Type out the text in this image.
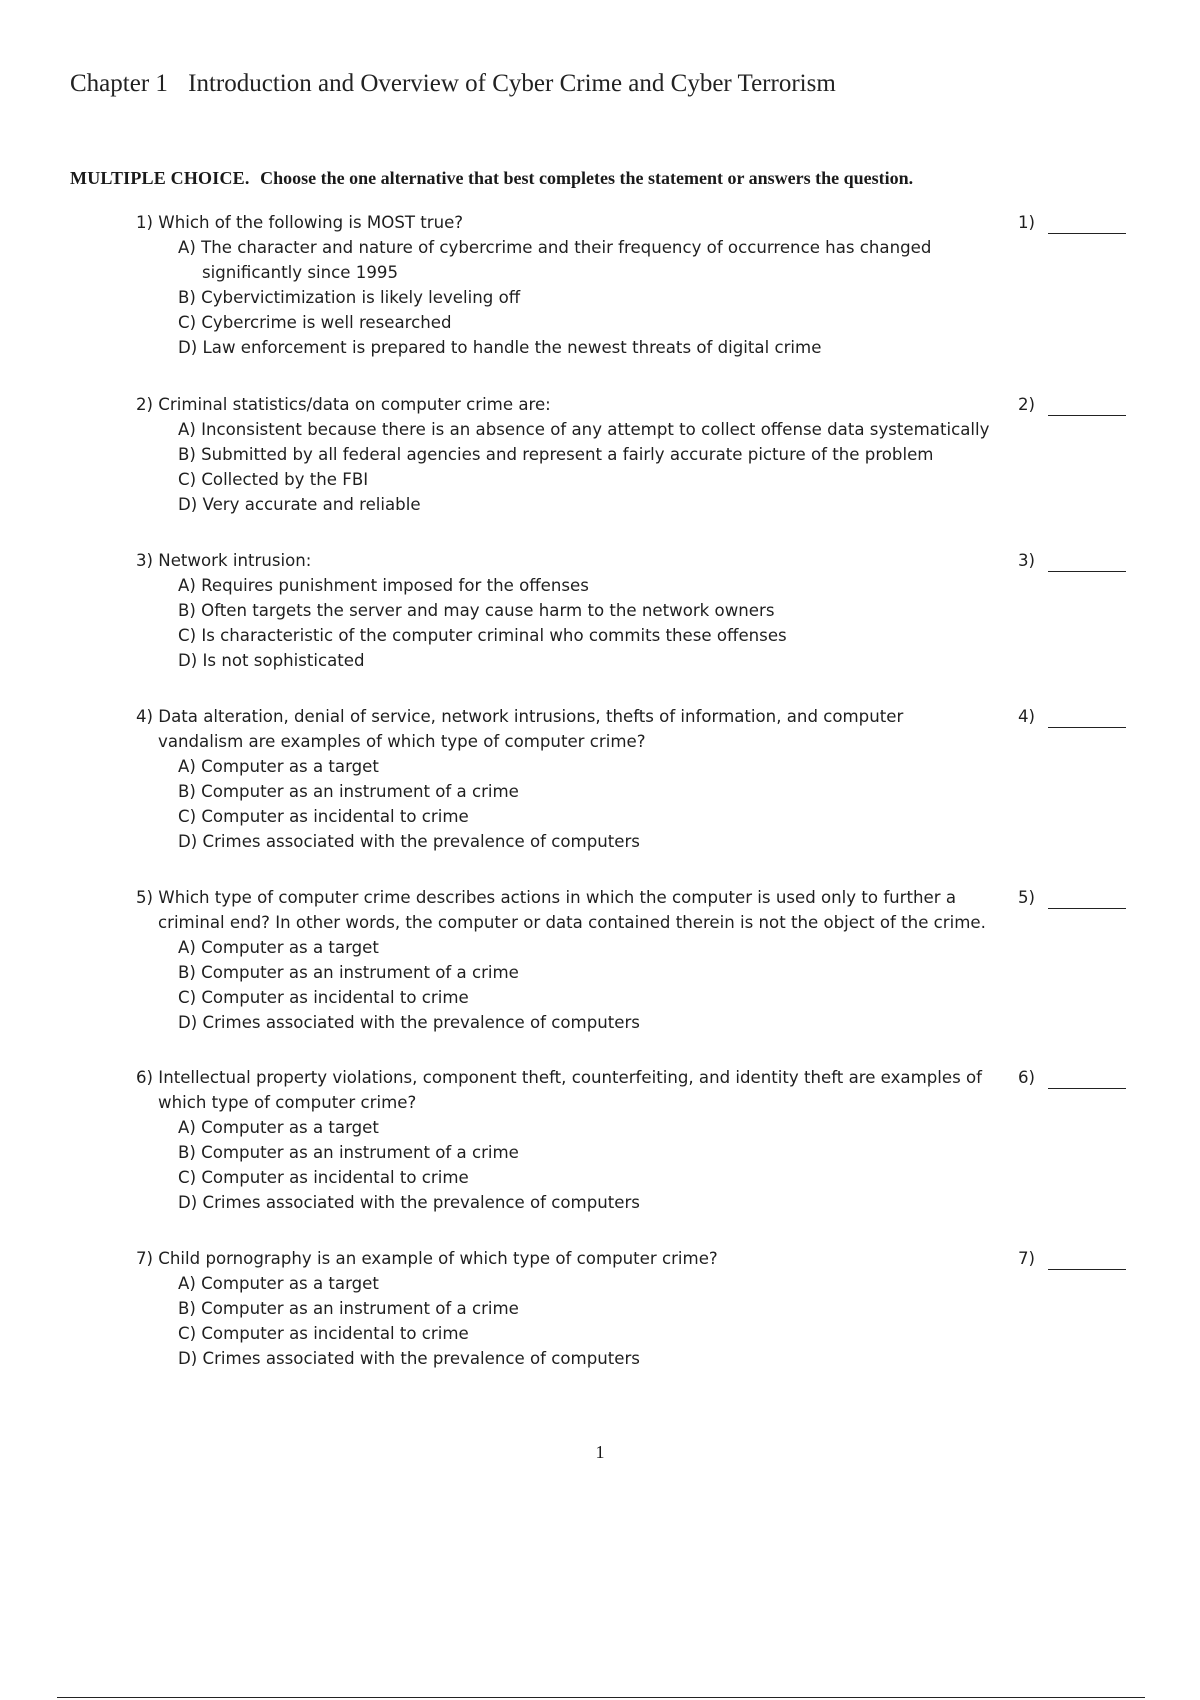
Chapter 1 Introduction and Overview of Cyber Crime and Cyber Terrorism
MULTIPLE CHOICE. Choose the one alternative that best completes the statement or answers the question.
1) Which of the following is MOST true?	1)
A) The character and nature of cybercrime and their frequency of occurrence has changed significantly since 1995
B) Cybervictimization is likely leveling off
C) Cybercrime is well researched
D) Law enforcement is prepared to handle the newest threats of digital crime
2) Criminal statistics/data on computer crime are:	2)
A) Inconsistent because there is an absence of any attempt to collect offense data systematically
B) Submitted by all federal agencies and represent a fairly accurate picture of the problem
C) Collected by the FBI
D) Very accurate and reliable
3) Network intrusion:	3)
A) Requires punishment imposed for the offenses
B) Often targets the server and may cause harm to the network owners
C) Is characteristic of the computer criminal who commits these offenses
D) Is not sophisticated
4) Data alteration, denial of service, network intrusions, thefts of information, and computer vandalism are examples of which type of computer crime?
4)
A) Computer as a target
B) Computer as an instrument of a crime
C) Computer as incidental to crime
D) Crimes associated with the prevalence of computers
5) Which type of computer crime describes actions in which the computer is used only to further a criminal end? In other words, the computer or data contained therein is not the object of the crime.
5)
A) Computer as a target
B) Computer as an instrument of a crime
C) Computer as incidental to crime
D) Crimes associated with the prevalence of computers
6) Intellectual property violations, component theft, counterfeiting, and identity theft are examples of which type of computer crime?
6)
A) Computer as a target
B) Computer as an instrument of a crime
C) Computer as incidental to crime
D) Crimes associated with the prevalence of computers
7) Child pornography is an example of which type of computer crime?	7)
A) Computer as a target
B) Computer as an instrument of a crime
C) Computer as incidental to crime
D) Crimes associated with the prevalence of computers
1
